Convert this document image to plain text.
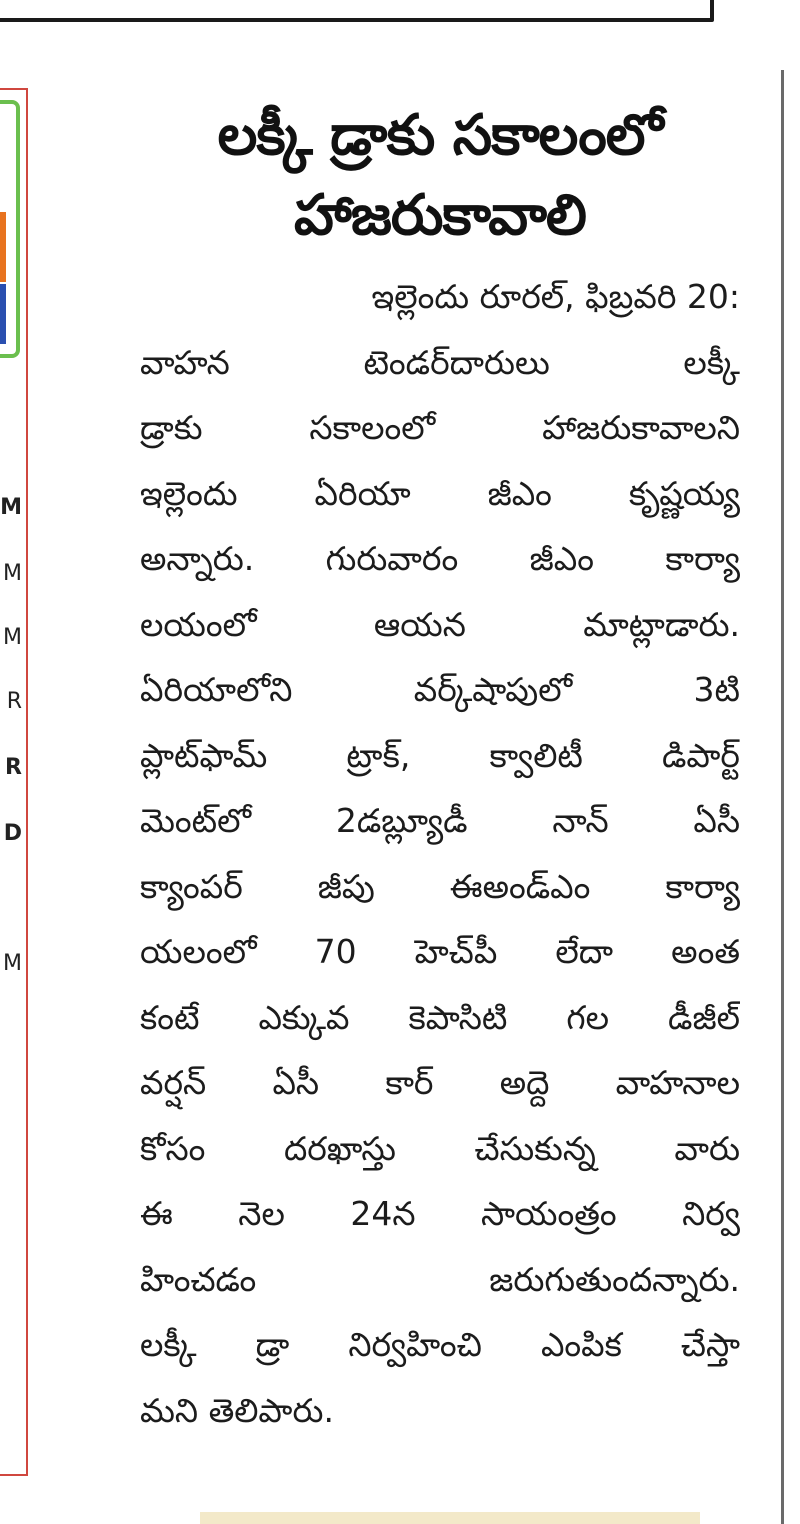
M
M
M
R
R
D
M
లక్కీ డ్రాకు సకాలంలో
హాజరుకావాలి
ఇల్లెందు రూరల్, ఫిబ్రవరి 20:
వాహన టెండర్‌దారులు లక్కీ
డ్రాకు సకాలంలో హాజరుకావాలని
ఇల్లెందు ఏరియా జీఎం కృష్ణయ్య
అన్నారు. గురువారం జీఎం కార్యా
లయంలో ఆయన మాట్లాడారు.
ఏరియాలోని వర్క్‌షాపులో 3టి
ప్లాట్‌ఫామ్ ట్రాక్, క్వాలిటీ డిపార్ట్
మెంట్‌లో 2డబ్ల్యూడీ నాన్ ఏసీ
క్యాంపర్ జీపు ఈఅండ్ఎం కార్యా
యలంలో 70 హెచ్‌పీ లేదా అంత
కంటే ఎక్కువ కెపాసిటి గల డీజీల్
వర్షన్ ఏసీ కార్ అద్దె వాహనాల
కోసం దరఖాస్తు చేసుకున్న వారు
ఈ నెల 24న సాయంత్రం నిర్వ
హించడం జరుగుతుందన్నారు.
లక్కీ డ్రా నిర్వహించి ఎంపిక చేస్తా
మని తెలిపారు.
